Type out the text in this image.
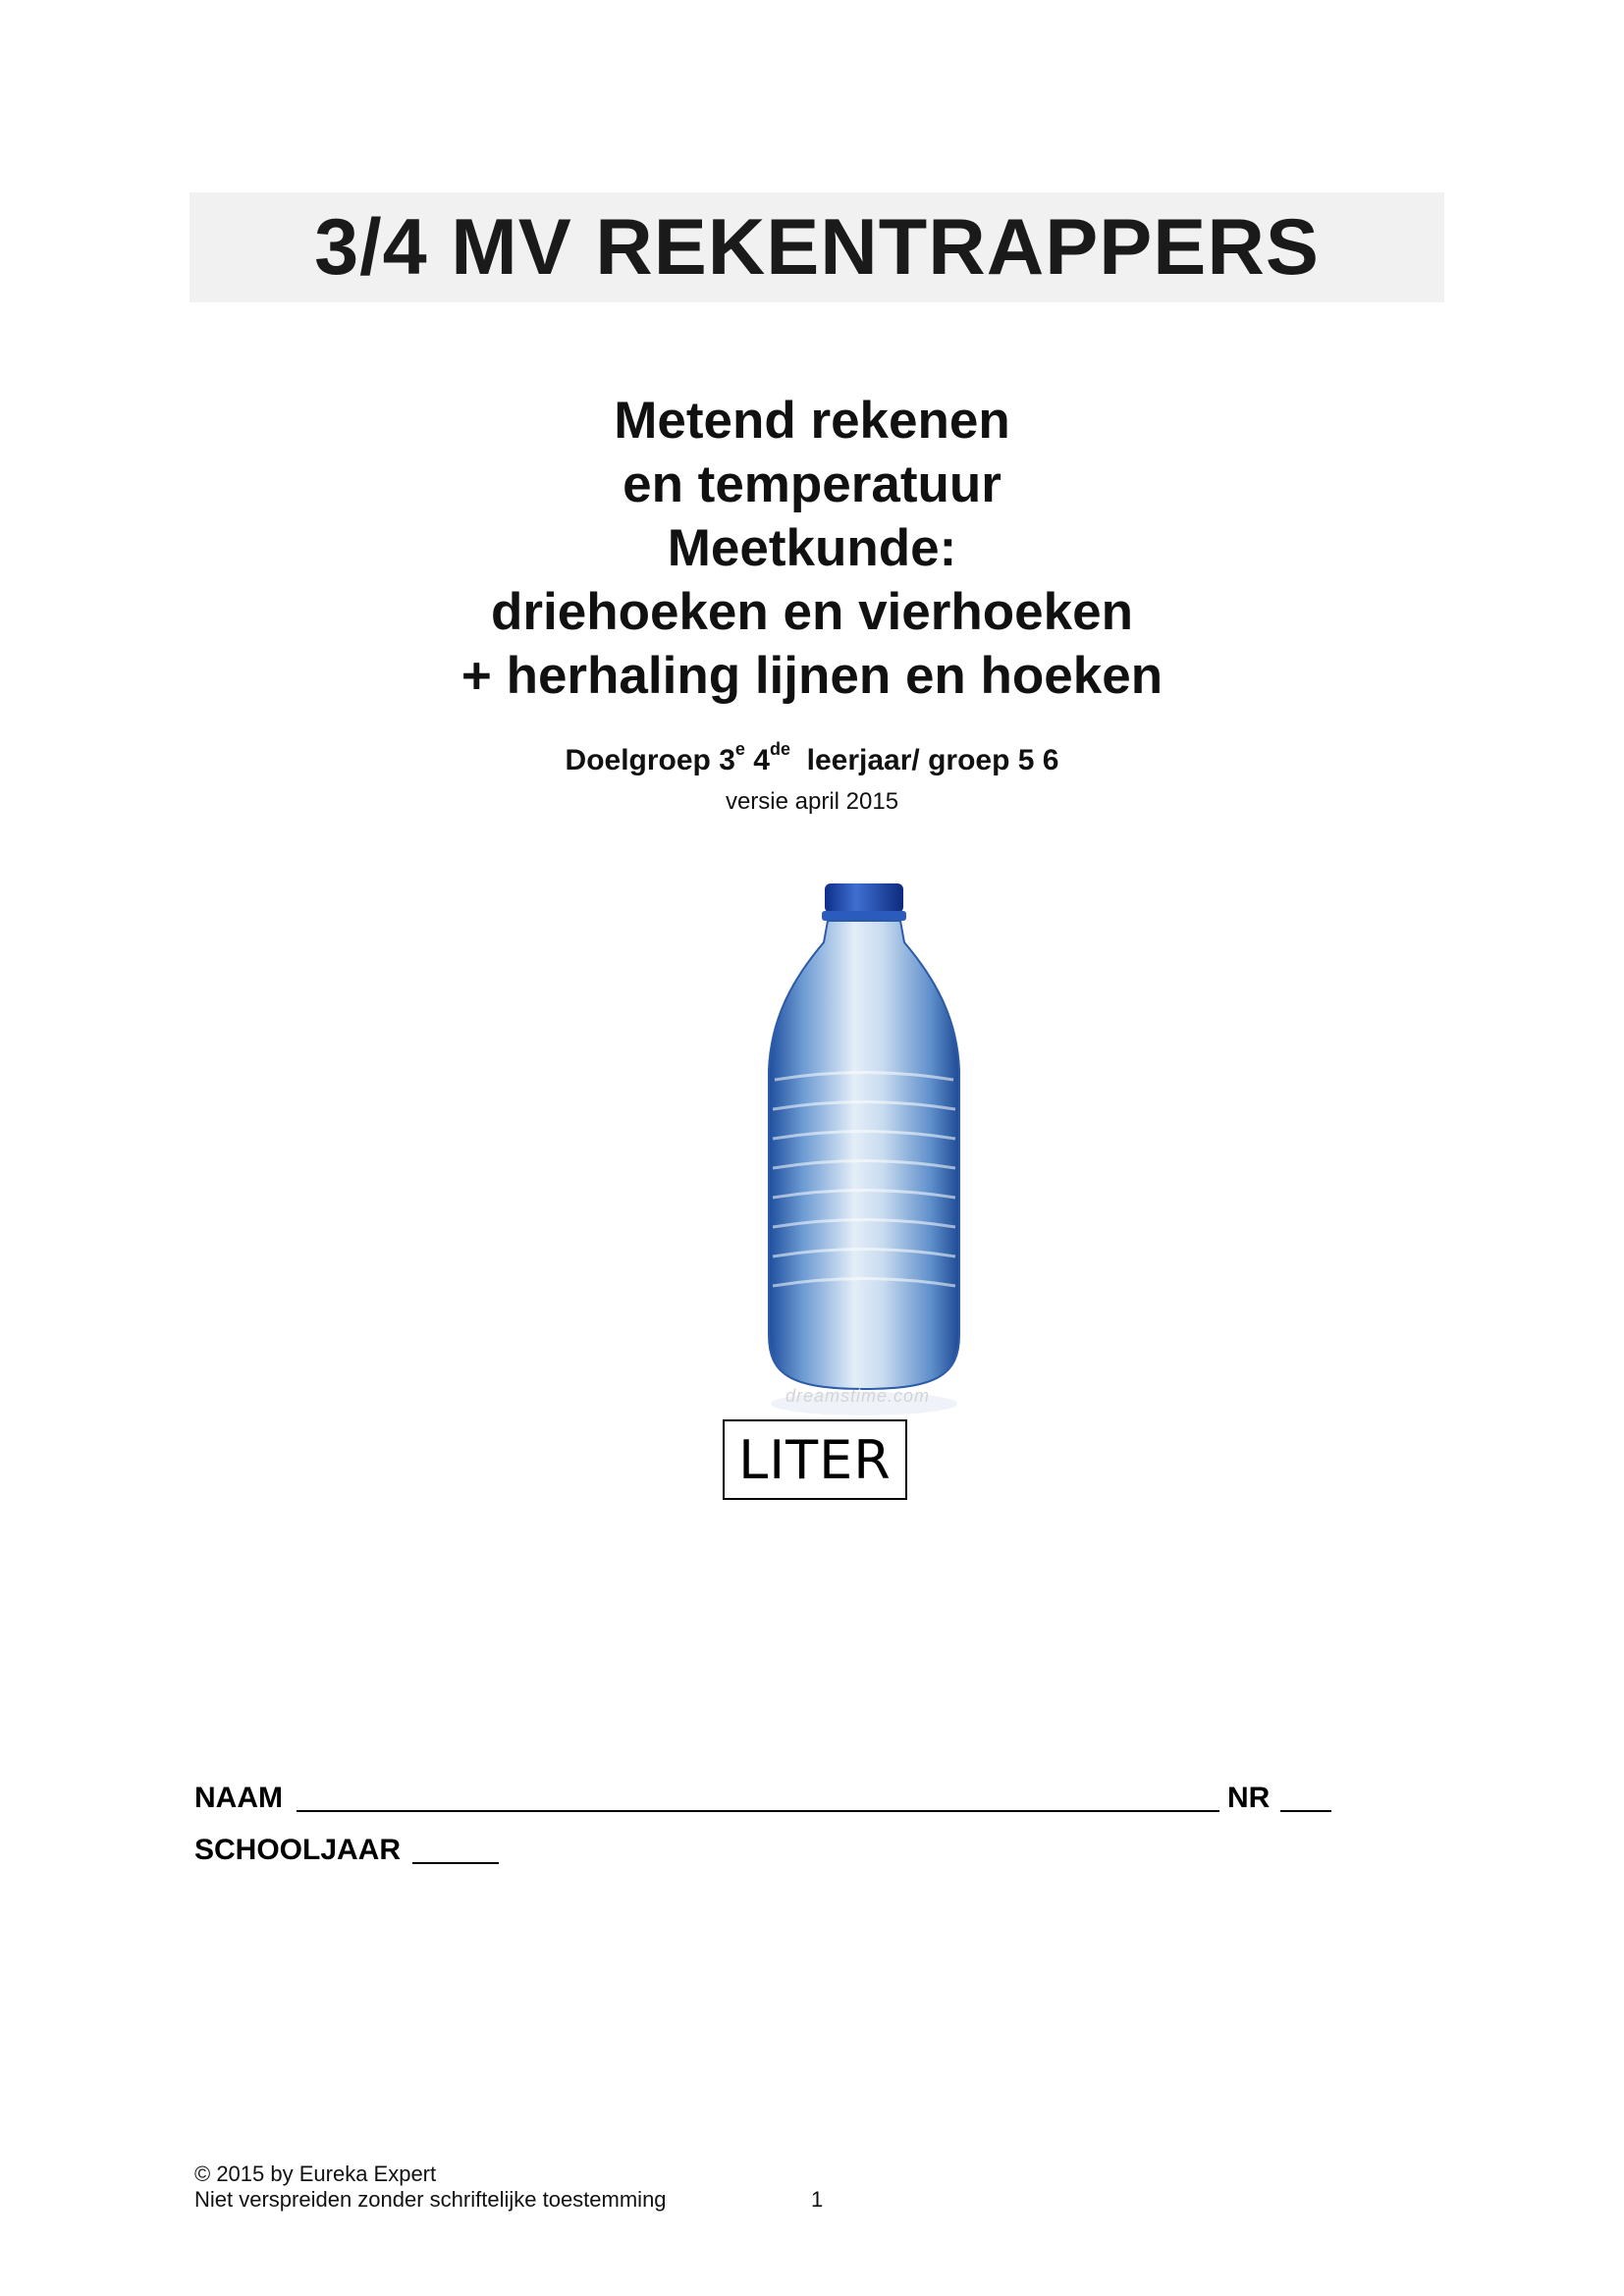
3/4 MV REKENTRAPPERS
Metend rekenen
en temperatuur
Meetkunde:
driehoeken en vierhoeken
+ herhaling lijnen en hoeken
Doelgroep 3e 4de leerjaar/ groep 5 6
versie april 2015
dreamstime.com
LITER
NAAM	NR
SCHOOLJAAR
© 2015 by Eureka Expert
Niet verspreiden zonder schriftelijke toestemming	1
